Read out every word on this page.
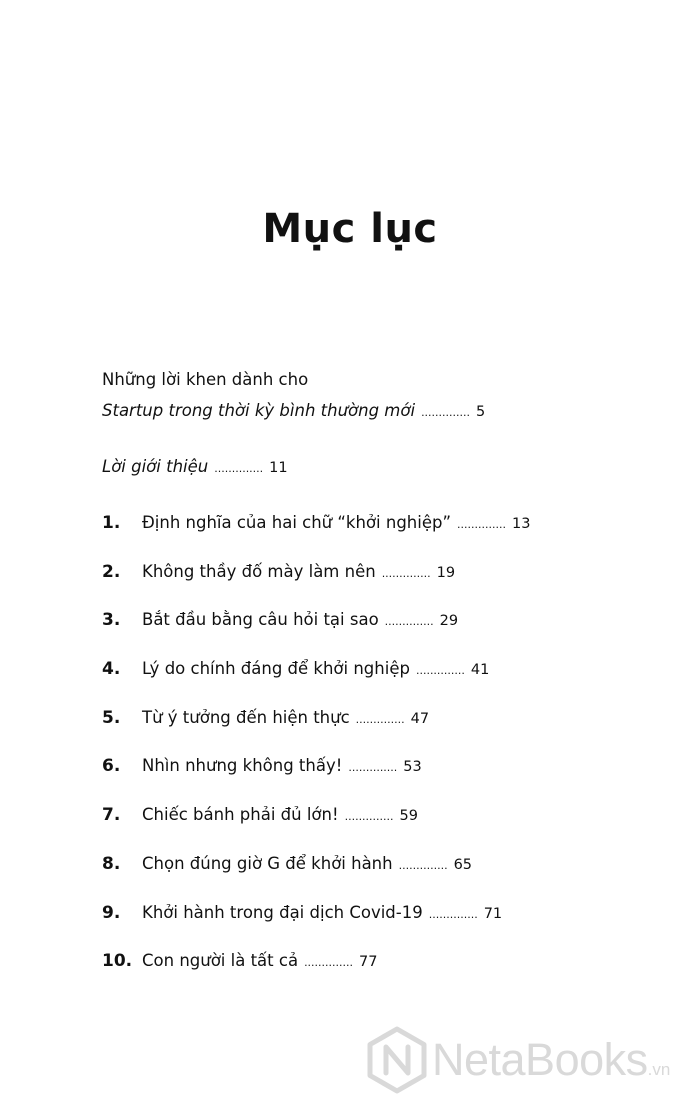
Mục lục
Những lời khen dành cho
Startup trong thời kỳ bình thường mới .............. 5
Lời giới thiệu .............. 11
1. Định nghĩa của hai chữ “khởi nghiệp” .............. 13
2. Không thầy đố mày làm nên .............. 19
3. Bắt đầu bằng câu hỏi tại sao .............. 29
4. Lý do chính đáng để khởi nghiệp .............. 41
5. Từ ý tưởng đến hiện thực .............. 47
6. Nhìn nhưng không thấy! .............. 53
7. Chiếc bánh phải đủ lớn! .............. 59
8. Chọn đúng giờ G để khởi hành .............. 65
9. Khởi hành trong đại dịch Covid-19 .............. 71
10. Con người là tất cả .............. 77
NetaBooks.vn
